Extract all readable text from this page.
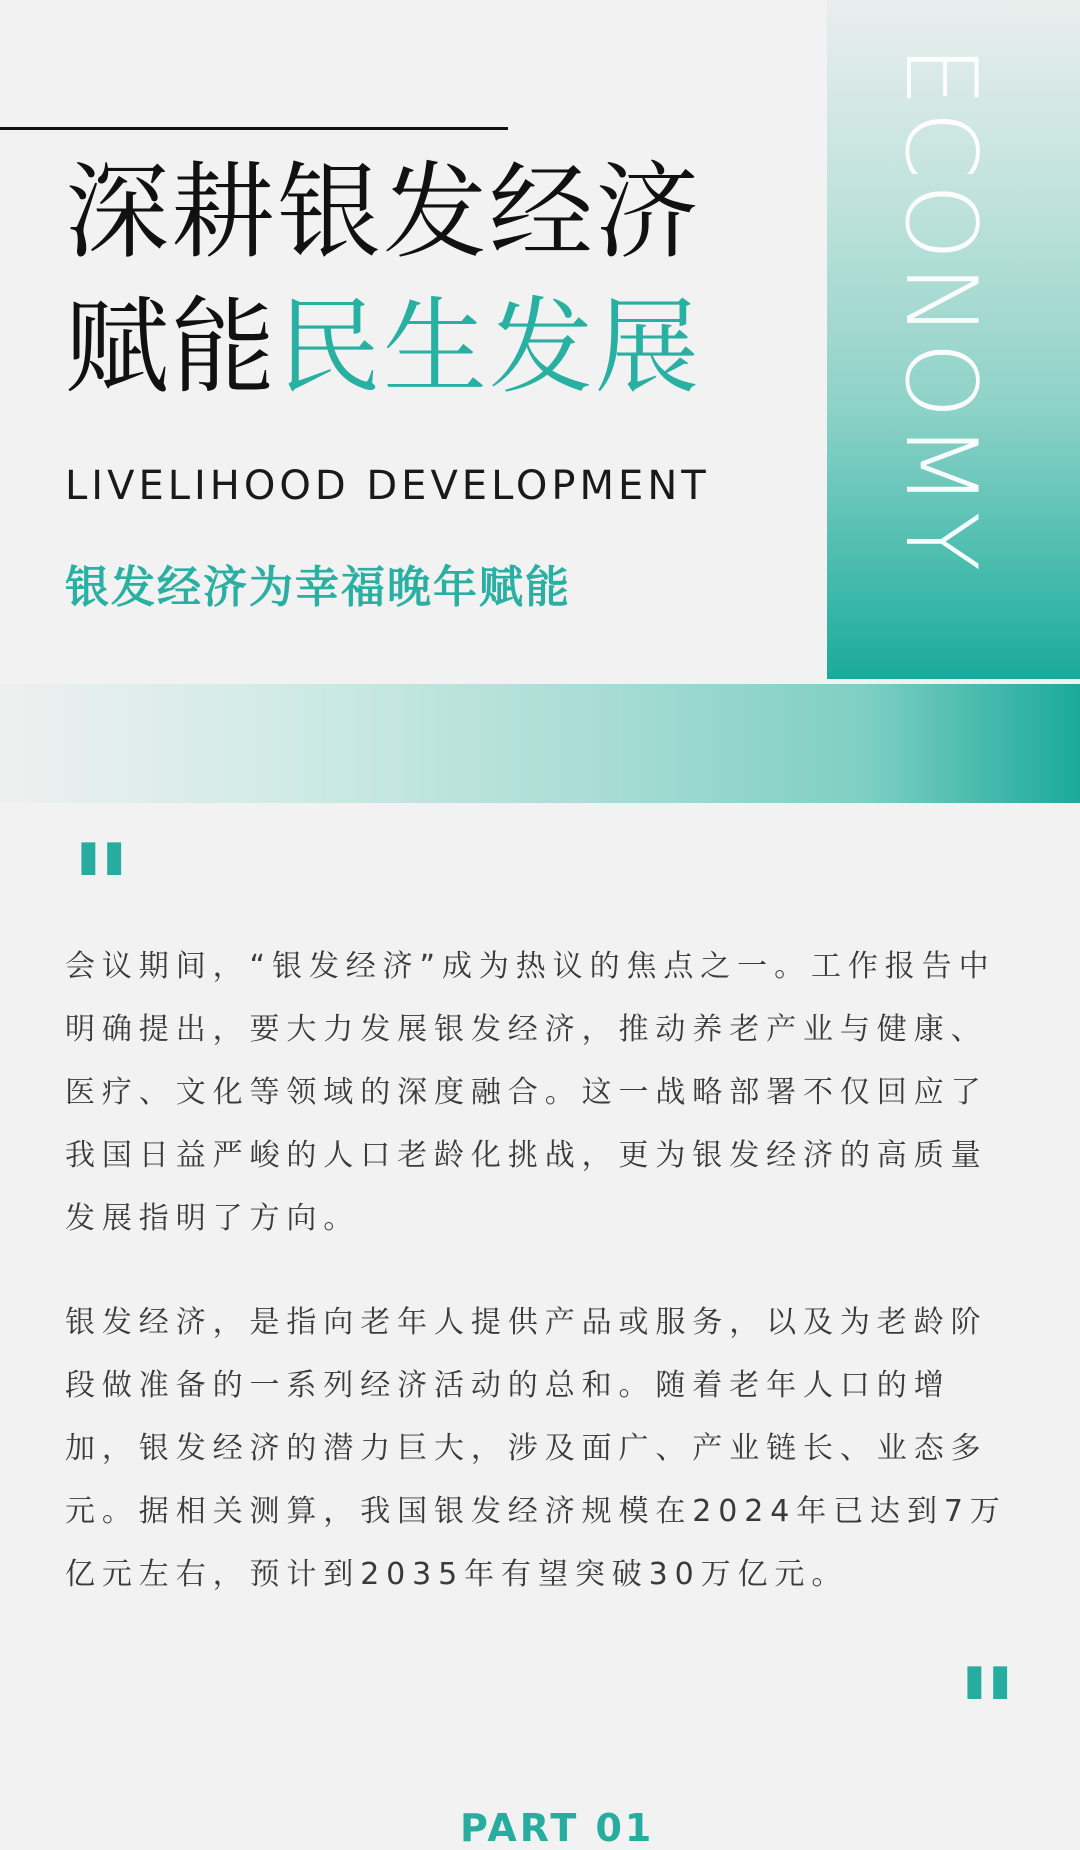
ECONOMY
深耕银发经济
赋能民生发展
LIVELIHOOD DEVELOPMENT
银发经济为幸福晚年赋能
"

会议期间，“银发经济”成为热议的焦点之一。工作报告中明确提出，要大力发展银发经济，推动养老产业与健康、医疗、文化等领域的深度融合。这一战略部署不仅回应了我国日益严峻的人口老龄化挑战，更为银发经济的高质量发展指明了方向。

银发经济，是指向老年人提供产品或服务，以及为老龄阶段做准备的一系列经济活动的总和。随着老年人口的增加，银发经济的潜力巨大，涉及面广、产业链长、业态多元。据相关测算，我国银发经济规模在2024年已达到7万亿元左右，预计到2035年有望突破30万亿元。

"
PART 01
